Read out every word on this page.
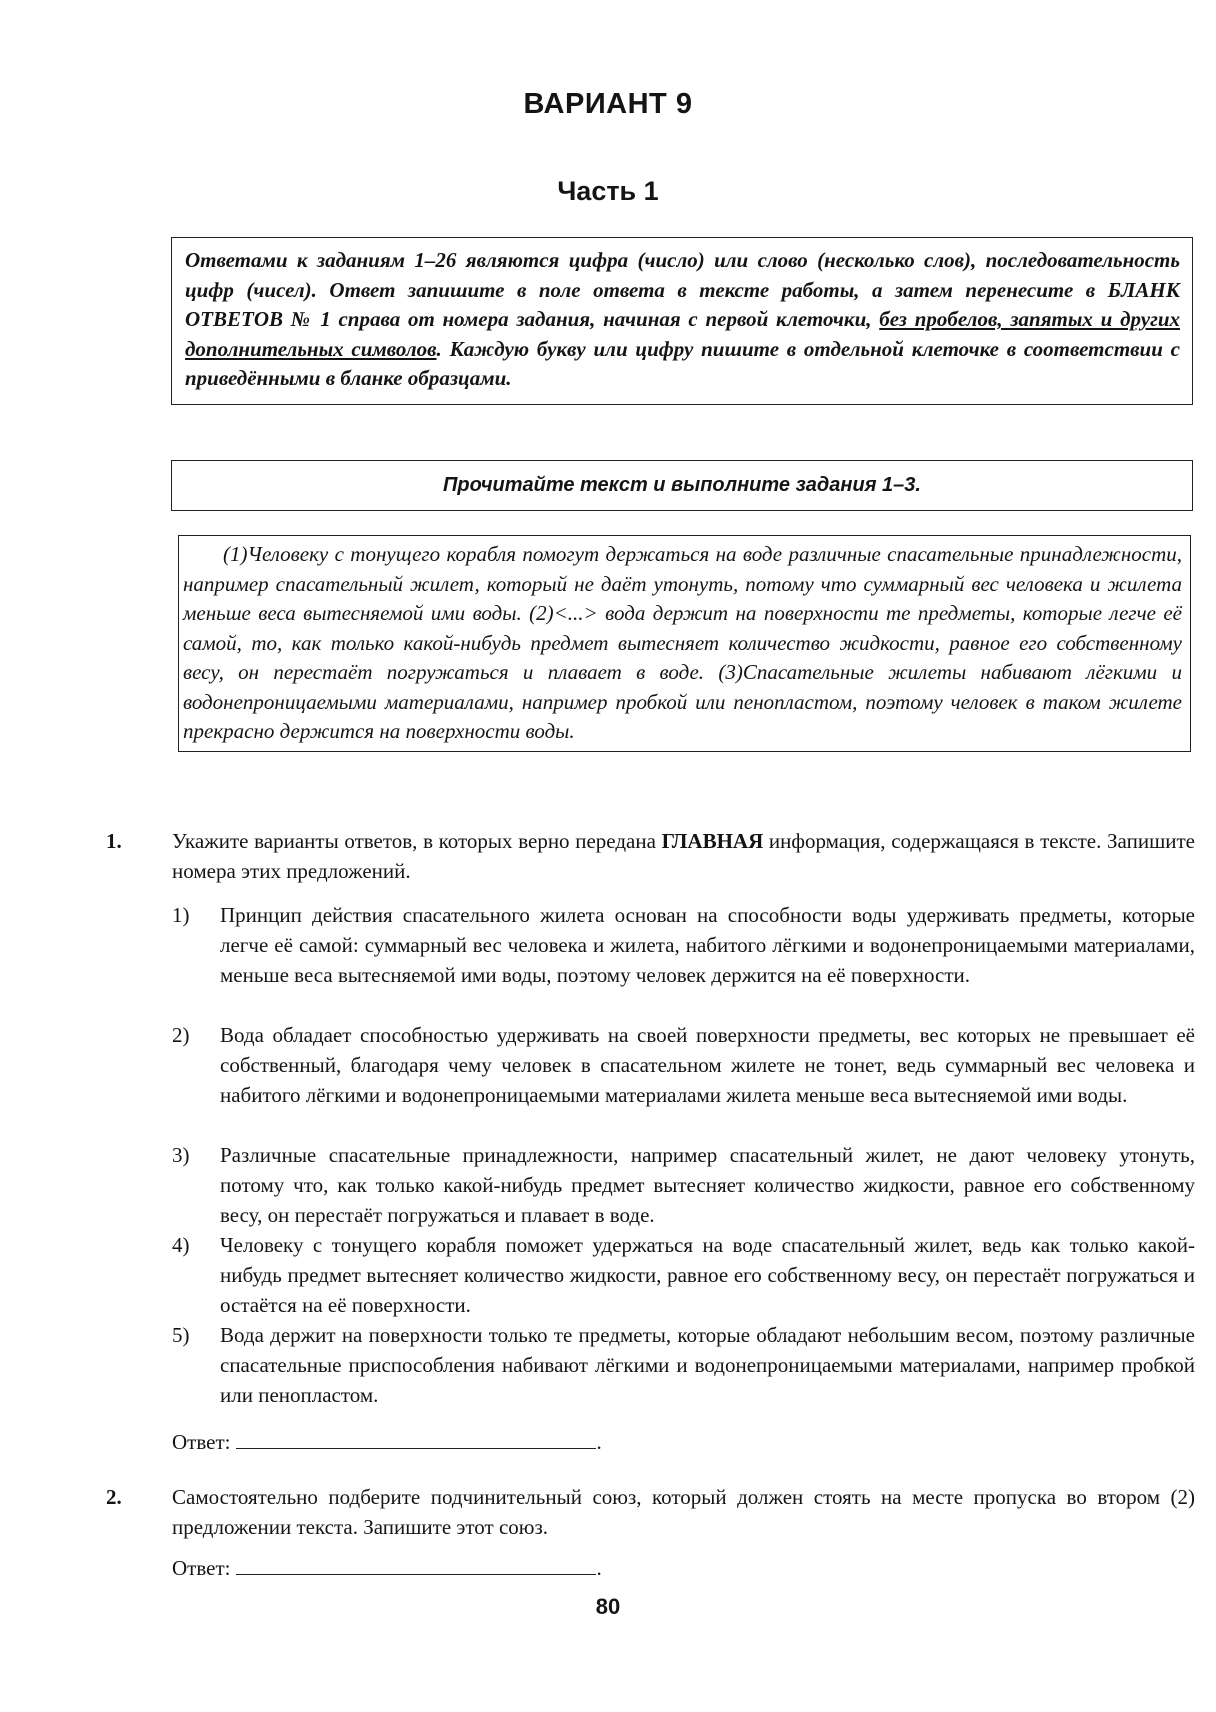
ВАРИАНТ 9
Часть 1
Ответами к заданиям 1–26 являются цифра (число) или слово (несколько слов), последовательность цифр (чисел). Ответ запишите в поле ответа в тексте работы, а затем перенесите в БЛАНК ОТВЕТОВ № 1 справа от номера задания, начиная с первой клеточки, без пробелов, запятых и других дополнительных символов. Каждую букву или цифру пишите в отдельной клеточке в соответствии с приведёнными в бланке образцами.
Прочитайте текст и выполните задания 1–3.
(1)Человеку с тонущего корабля помогут держаться на воде различные спасательные принадлежности, например спасательный жилет, который не даёт утонуть, потому что суммарный вес человека и жилета меньше веса вытесняемой ими воды. (2)<...> вода держит на поверхности те предметы, которые легче её самой, то, как только какой-нибудь предмет вытесняет количество жидкости, равное его собственному весу, он перестаёт погружаться и плавает в воде. (3)Спасательные жилеты набивают лёгкими и водонепроницаемыми материалами, например пробкой или пенопластом, поэтому человек в таком жилете прекрасно держится на поверхности воды.
1. Укажите варианты ответов, в которых верно передана ГЛАВНАЯ информация, содержащаяся в тексте. Запишите номера этих предложений.
1) Принцип действия спасательного жилета основан на способности воды удерживать предметы, которые легче её самой: суммарный вес человека и жилета, набитого лёгкими и водонепроницаемыми материалами, меньше веса вытесняемой ими воды, поэтому человек держится на её поверхности.
2) Вода обладает способностью удерживать на своей поверхности предметы, вес которых не превышает её собственный, благодаря чему человек в спасательном жилете не тонет, ведь суммарный вес человека и набитого лёгкими и водонепроницаемыми материалами жилета меньше веса вытесняемой ими воды.
3) Различные спасательные принадлежности, например спасательный жилет, не дают человеку утонуть, потому что, как только какой-нибудь предмет вытесняет количество жидкости, равное его собственному весу, он перестаёт погружаться и плавает в воде.
4) Человеку с тонущего корабля поможет удержаться на воде спасательный жилет, ведь как только какой-нибудь предмет вытесняет количество жидкости, равное его собственному весу, он перестаёт погружаться и остаётся на её поверхности.
5) Вода держит на поверхности только те предметы, которые обладают небольшим весом, поэтому различные спасательные приспособления набивают лёгкими и водонепроницаемыми материалами, например пробкой или пенопластом.
Ответ:	.
2. Самостоятельно подберите подчинительный союз, который должен стоять на месте пропуска во втором (2) предложении текста. Запишите этот союз.
Ответ:	.
80
